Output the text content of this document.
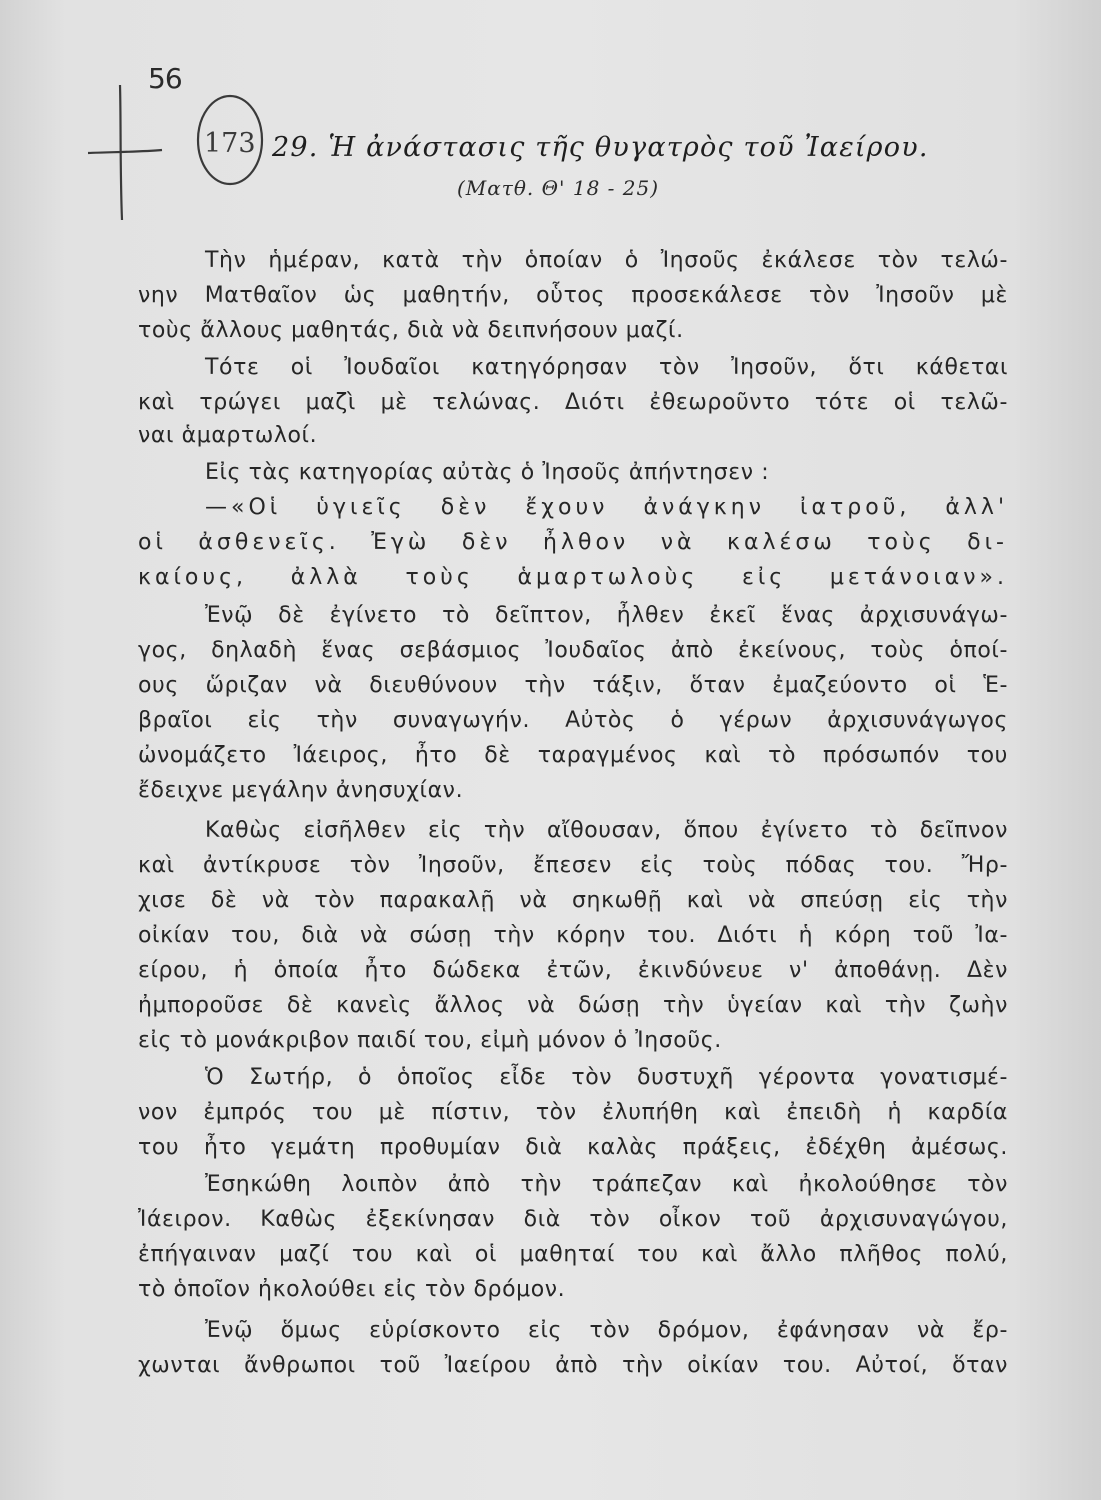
56
173 29. Ἡ ἀνάστασις τῆς θυγατρὸς τοῦ Ἰαείρου.
(Ματθ. Θ' 18 - 25)
Τὴν ἡμέραν, κατὰ τὴν ὁποίαν ὁ Ἰησοῦς ἐκάλεσε τὸν τελώ-
νην Ματθαῖον ὡς μαθητήν, οὗτος προσεκάλεσε τὸν Ἰησοῦν μὲ
τοὺς ἄλλους μαθητάς, διὰ νὰ δειπνήσουν μαζί.
Τότε οἱ Ἰουδαῖοι κατηγόρησαν τὸν Ἰησοῦν, ὅτι κάθεται
καὶ τρώγει μαζὶ μὲ τελώνας. Διότι ἐθεωροῦντο τότε οἱ τελῶ-
ναι ἁμαρτωλοί.
Εἰς τὰς κατηγορίας αὐτὰς ὁ Ἰησοῦς ἀπήντησεν :
—«Οἱ ὑγιεῖς δὲν ἔχουν ἀνάγκην ἰατροῦ, ἀλλ'
οἱ ἀσθενεῖς. Ἐγὼ δὲν ἦλθον νὰ καλέσω τοὺς δι-
καίους, ἀλλὰ τοὺς ἁμαρτωλοὺς εἰς μετάνοιαν».
Ἐνῷ δὲ ἐγίνετο τὸ δεῖπτον, ἦλθεν ἐκεῖ ἕνας ἀρχισυνάγω-
γος, δηλαδὴ ἕνας σεβάσμιος Ἰουδαῖος ἀπὸ ἐκείνους, τοὺς ὁποί-
ους ὥριζαν νὰ διευθύνουν τὴν τάξιν, ὅταν ἐμαζεύοντο οἱ Ἑ-
βραῖοι εἰς τὴν συναγωγήν. Αὐτὸς ὁ γέρων ἀρχισυνάγωγος
ὠνομάζετο Ἰάειρος, ἦτο δὲ ταραγμένος καὶ τὸ πρόσωπόν του
ἔδειχνε μεγάλην ἀνησυχίαν.
Καθὼς εἰσῆλθεν εἰς τὴν αἴθουσαν, ὅπου ἐγίνετο τὸ δεῖπνον
καὶ ἀντίκρυσε τὸν Ἰησοῦν, ἔπεσεν εἰς τοὺς πόδας του. Ἤρ-
χισε δὲ νὰ τὸν παρακαλῇ νὰ σηκωθῇ καὶ νὰ σπεύσῃ εἰς τὴν
οἰκίαν του, διὰ νὰ σώσῃ τὴν κόρην του. Διότι ἡ κόρη τοῦ Ἰα-
είρου, ἡ ὁποία ἦτο δώδεκα ἐτῶν, ἐκινδύνευε ν' ἀποθάνῃ. Δὲν
ἠμποροῦσε δὲ κανεὶς ἄλλος νὰ δώσῃ τὴν ὑγείαν καὶ τὴν ζωὴν
εἰς τὸ μονάκριβον παιδί του, εἰμὴ μόνον ὁ Ἰησοῦς.
Ὁ Σωτήρ, ὁ ὁποῖος εἶδε τὸν δυστυχῆ γέροντα γονατισμέ-
νον ἐμπρός του μὲ πίστιν, τὸν ἐλυπήθη καὶ ἐπειδὴ ἡ καρδία
του ἦτο γεμάτη προθυμίαν διὰ καλὰς πράξεις, ἐδέχθη ἀμέσως.
Ἐσηκώθη λοιπὸν ἀπὸ τὴν τράπεζαν καὶ ἠκολούθησε τὸν
Ἰάειρον. Καθὼς ἐξεκίνησαν διὰ τὸν οἶκον τοῦ ἀρχισυναγώγου,
ἐπήγαιναν μαζί του καὶ οἱ μαθηταί του καὶ ἄλλο πλῆθος πολύ,
τὸ ὁποῖον ἠκολούθει εἰς τὸν δρόμον.
Ἐνῷ ὅμως εὑρίσκοντο εἰς τὸν δρόμον, ἐφάνησαν νὰ ἔρ-
χωνται ἄνθρωποι τοῦ Ἰαείρου ἀπὸ τὴν οἰκίαν του. Αὐτοί, ὅταν
